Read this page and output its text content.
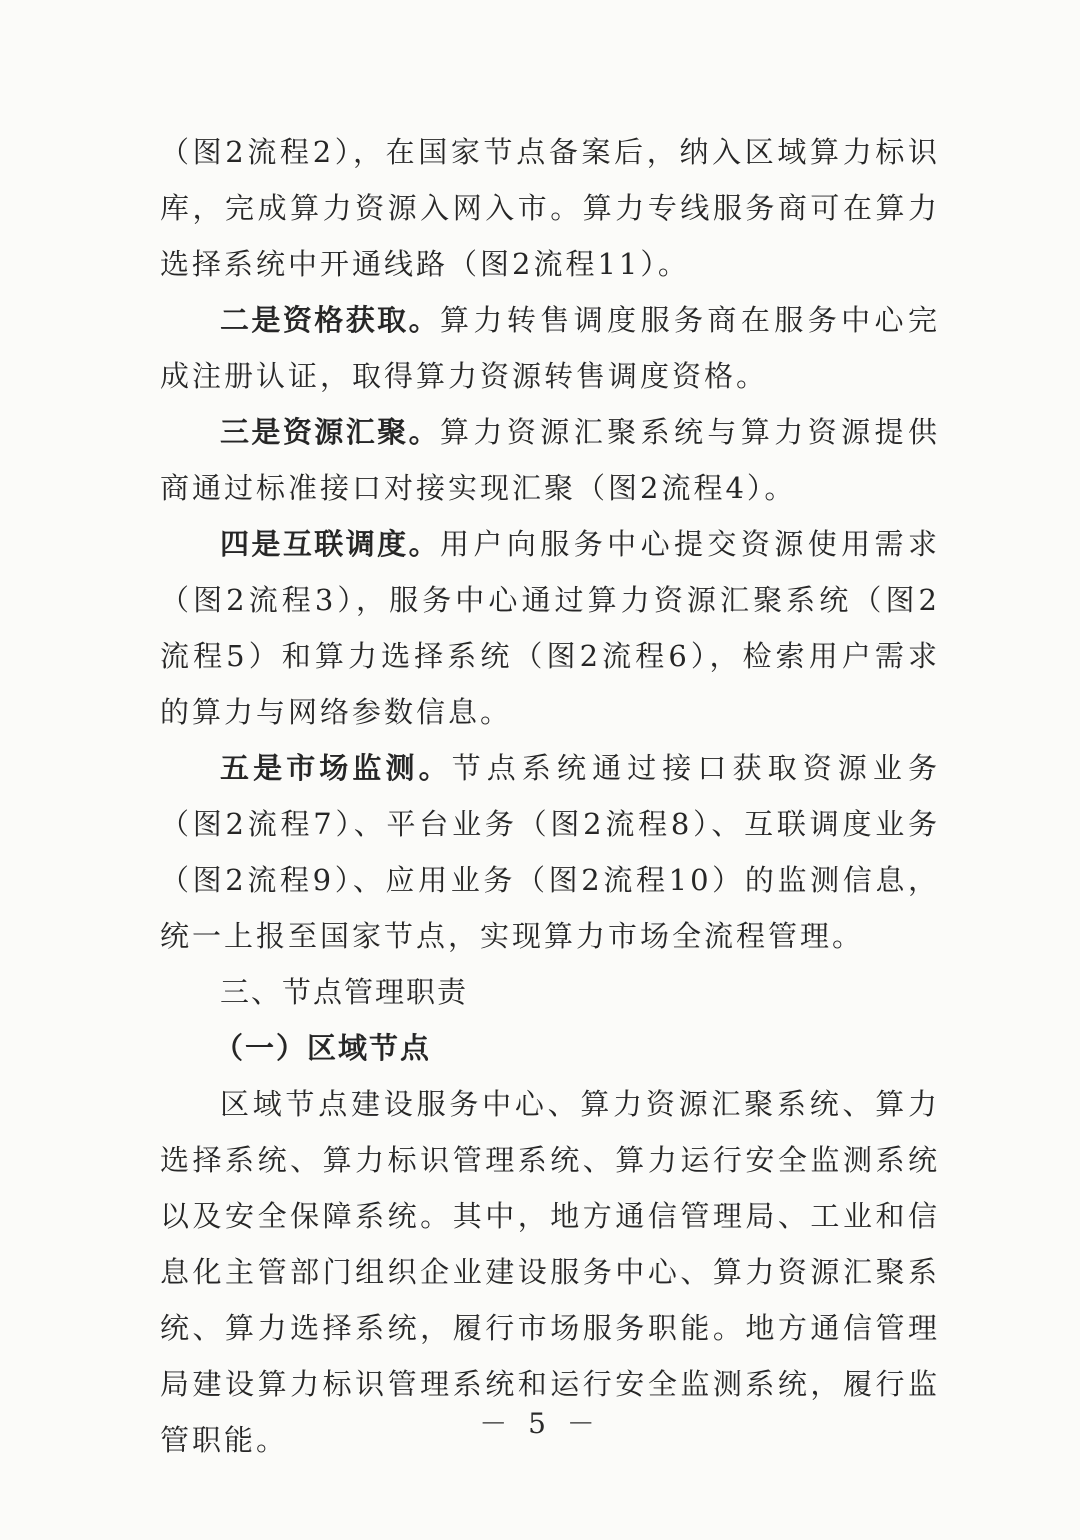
（图2流程2），在国家节点备案后，纳入区域算力标识库，完成算力资源入网入市。算力专线服务商可在算力选择系统中开通线路（图2流程11）。

二是资格获取。算力转售调度服务商在服务中心完成注册认证，取得算力资源转售调度资格。

三是资源汇聚。算力资源汇聚系统与算力资源提供商通过标准接口对接实现汇聚（图2流程4）。

四是互联调度。用户向服务中心提交资源使用需求（图2流程3），服务中心通过算力资源汇聚系统（图2流程5）和算力选择系统（图2流程6），检索用户需求的算力与网络参数信息。

五是市场监测。节点系统通过接口获取资源业务（图2流程7）、平台业务（图2流程8）、互联调度业务（图2流程9）、应用业务（图2流程10）的监测信息，统一上报至国家节点，实现算力市场全流程管理。

三、节点管理职责

（一）区域节点

区域节点建设服务中心、算力资源汇聚系统、算力选择系统、算力标识管理系统、算力运行安全监测系统以及安全保障系统。其中，地方通信管理局、工业和信息化主管部门组织企业建设服务中心、算力资源汇聚系统、算力选择系统，履行市场服务职能。地方通信管理局建设算力标识管理系统和运行安全监测系统，履行监管职能。	－ 5 －
